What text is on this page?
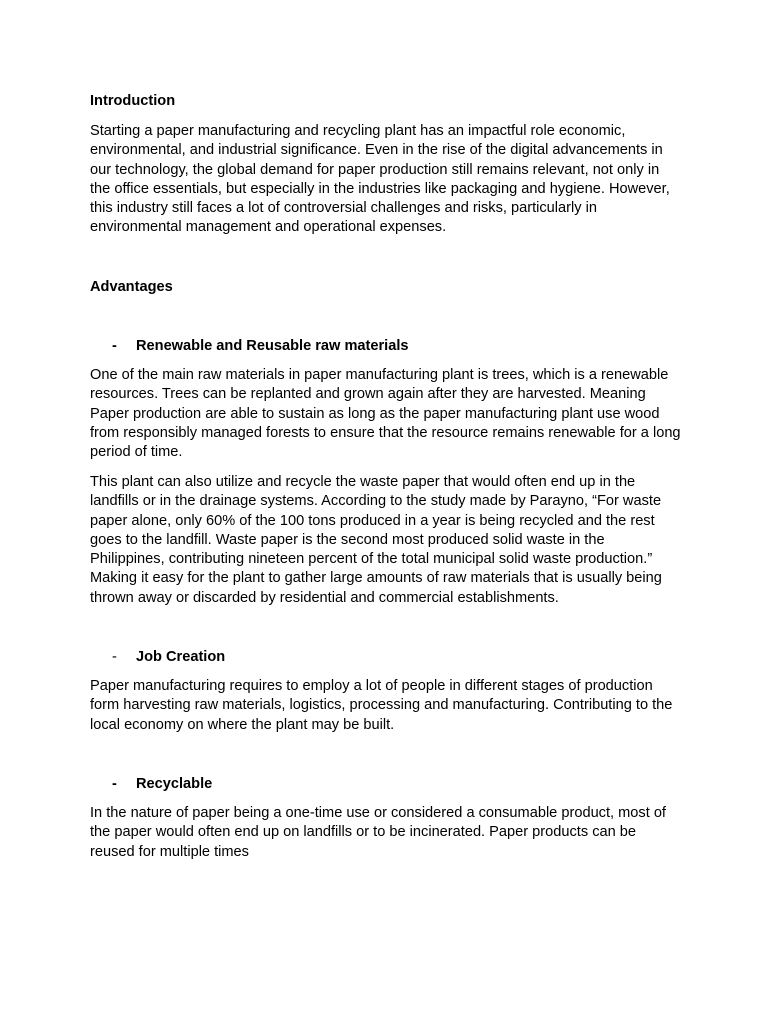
Introduction

Starting a paper manufacturing and recycling plant has an impactful role economic, environmental, and industrial significance. Even in the rise of the digital advancements in our technology, the global demand for paper production still remains relevant, not only in the office essentials, but especially in the industries like packaging and hygiene. However, this industry still faces a lot of controversial challenges and risks, particularly in environmental management and operational expenses.

Advantages

- Renewable and Reusable raw materials

One of the main raw materials in paper manufacturing plant is trees, which is a renewable resources. Trees can be replanted and grown again after they are harvested. Meaning Paper production are able to sustain as long as the paper manufacturing plant use wood from responsibly managed forests to ensure that the resource remains renewable for a long period of time.

This plant can also utilize and recycle the waste paper that would often end up in the landfills or in the drainage systems. According to the study made by Parayno, “For waste paper alone, only 60% of the 100 tons produced in a year is being recycled and the rest goes to the landfill. Waste paper is the second most produced solid waste in the Philippines, contributing nineteen percent of the total municipal solid waste production.” Making it easy for the plant to gather large amounts of raw materials that is usually being thrown away or discarded by residential and commercial establishments.

- Job Creation

Paper manufacturing requires to employ a lot of people in different stages of production form harvesting raw materials, logistics, processing and manufacturing. Contributing to the local economy on where the plant may be built.

- Recyclable

In the nature of paper being a one-time use or considered a consumable product, most of the paper would often end up on landfills or to be incinerated. Paper products can be reused for multiple times
